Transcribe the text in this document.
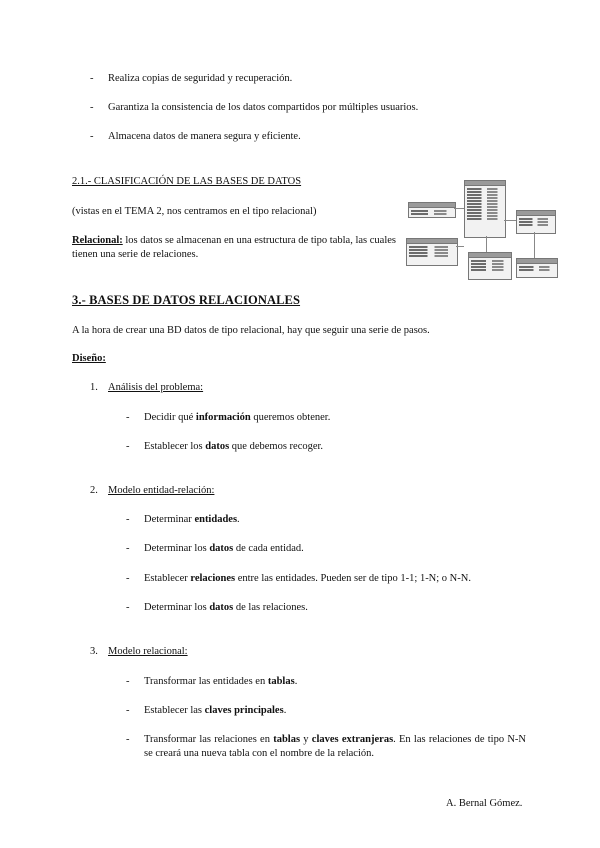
- Realiza copias de seguridad y recuperación.
- Garantiza la consistencia de los datos compartidos por múltiples usuarios.
- Almacena datos de manera segura y eficiente.
2.1.- CLASIFICACIÓN DE LAS BASES DE DATOS
(vistas en el TEMA 2, nos centramos en el tipo relacional)
Relacional: los datos se almacenan en una estructura de tipo tabla, las cuales tienen una serie de relaciones.
3.- BASES DE DATOS RELACIONALES
A la hora de crear una BD datos de tipo relacional, hay que seguir una serie de pasos.
Diseño:
1. Análisis del problema:
- Decidir qué información queremos obtener.
- Establecer los datos que debemos recoger.
2. Modelo entidad-relación:
- Determinar entidades.
- Determinar los datos de cada entidad.
- Establecer relaciones entre las entidades. Pueden ser de tipo 1-1; 1-N; o N-N.
- Determinar los datos de las relaciones.
3. Modelo relacional:
- Transformar las entidades en tablas.
- Establecer las claves principales.
- Transformar las relaciones en tablas y claves extranjeras. En las relaciones de tipo N-N se creará una nueva tabla con el nombre de la relación.
A. Bernal Gómez.
